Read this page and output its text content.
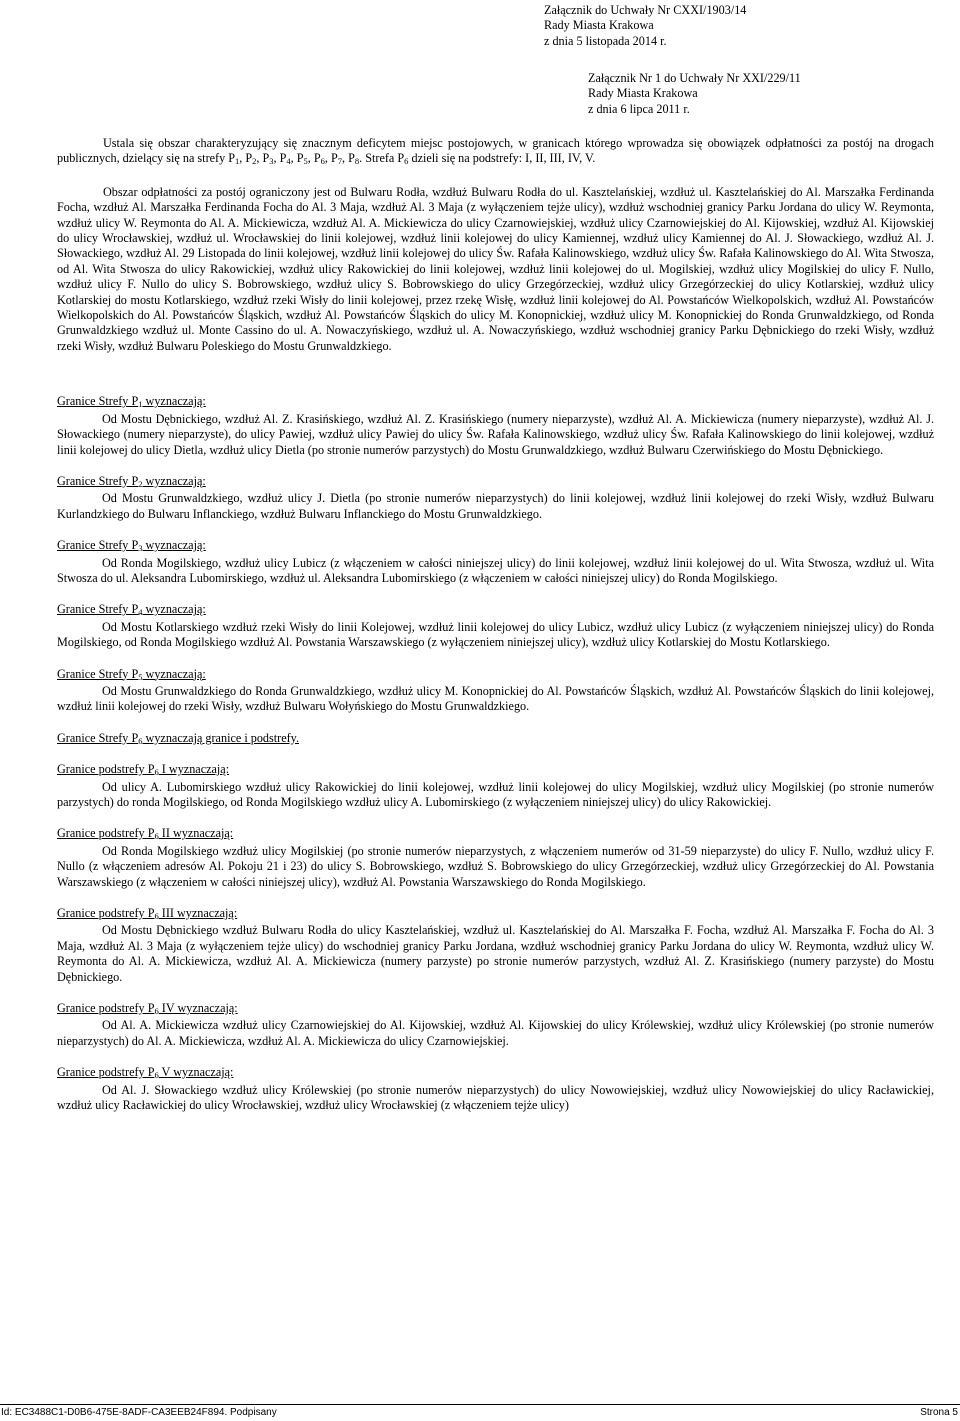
Załącznik do Uchwały Nr CXXI/1903/14
Rady Miasta Krakowa
z dnia 5 listopada 2014 r.
Załącznik Nr 1 do Uchwały Nr XXI/229/11
Rady Miasta Krakowa
z dnia 6 lipca 2011 r.

Ustala się obszar charakteryzujący się znacznym deficytem miejsc postojowych, w granicach którego wprowadza się obowiązek odpłatności za postój na drogach publicznych, dzielący się na strefy $P_1$, $P_2$, $P_3$, $P_4$, $P_5$, $P_6$, $P_7$, $P_8$. Strefa $P_6$ dzieli się na podstrefy: I, II, III, IV, V.

Obszar odpłatności za postój ograniczony jest od Bulwaru Rodła, wzdłuż Bulwaru Rodła do ul. Kasztelańskiej, wzdłuż ul. Kasztelańskiej do Al. Marszałka Ferdinanda Focha, wzdłuż Al. Marszałka Ferdinanda Focha do Al. 3 Maja, wzdłuż Al. 3 Maja (z wyłączeniem tejże ulicy), wzdłuż wschodniej granicy Parku Jordana do ulicy W. Reymonta, wzdłuż ulicy W. Reymonta do Al. A. Mickiewicza, wzdłuż Al. A. Mickiewicza do ulicy Czarnowiejskiej, wzdłuż ulicy Czarnowiejskiej do Al. Kijowskiej, wzdłuż Al. Kijowskiej do ulicy Wrocławskiej, wzdłuż ul. Wrocławskiej do linii kolejowej, wzdłuż linii kolejowej do ulicy Kamiennej, wzdłuż ulicy Kamiennej do Al. J. Słowackiego, wzdłuż Al. J. Słowackiego, wzdłuż Al. 29 Listopada do linii kolejowej, wzdłuż linii kolejowej do ulicy Św. Rafała Kalinowskiego, wzdłuż ulicy Św. Rafała Kalinowskiego do Al. Wita Stwosza, od Al. Wita Stwosza do ulicy Rakowickiej, wzdłuż ulicy Rakowickiej do linii kolejowej, wzdłuż linii kolejowej do ul. Mogilskiej, wzdłuż ulicy Mogilskiej do ulicy F. Nullo, wzdłuż ulicy F. Nullo do ulicy S. Bobrowskiego, wzdłuż ulicy S. Bobrowskiego do ulicy Grzegórzeckiej, wzdłuż ulicy Grzegórzeckiej do ulicy Kotlarskiej, wzdłuż ulicy Kotlarskiej do mostu Kotlarskiego, wzdłuż rzeki Wisły do linii kolejowej, przez rzekę Wisłę, wzdłuż linii kolejowej do Al. Powstańców Wielkopolskich, wzdłuż Al. Powstańców Wielkopolskich do Al. Powstańców Śląskich, wzdłuż Al. Powstańców Śląskich do ulicy M. Konopnickiej, wzdłuż ulicy M. Konopnickiej do Ronda Grunwaldzkiego, od Ronda Grunwaldzkiego wzdłuż ul. Monte Cassino do ul. A. Nowaczyńskiego, wzdłuż ul. A. Nowaczyńskiego, wzdłuż wschodniej granicy Parku Dębnickiego do rzeki Wisły, wzdłuż rzeki Wisły, wzdłuż Bulwaru Poleskiego do Mostu Grunwaldzkiego.

Granice Strefy $P_1$ wyznaczają:

Od Mostu Dębnickiego, wzdłuż Al. Z. Krasińskiego, wzdłuż Al. Z. Krasińskiego (numery nieparzyste), wzdłuż Al. A. Mickiewicza (numery nieparzyste), wzdłuż Al. J. Słowackiego (numery nieparzyste), do ulicy Pawiej, wzdłuż ulicy Pawiej do ulicy Św. Rafała Kalinowskiego, wzdłuż ulicy Św. Rafała Kalinowskiego do linii kolejowej, wzdłuż linii kolejowej do ulicy Dietla, wzdłuż ulicy Dietla (po stronie numerów parzystych) do Mostu Grunwaldzkiego, wzdłuż Bulwaru Czerwińskiego do Mostu Dębnickiego.

Granice Strefy $P_2$ wyznaczają:

Od Mostu Grunwaldzkiego, wzdłuż ulicy J. Dietla (po stronie numerów nieparzystych) do linii kolejowej, wzdłuż linii kolejowej do rzeki Wisły, wzdłuż Bulwaru Kurlandzkiego do Bulwaru Inflanckiego, wzdłuż Bulwaru Inflanckiego do Mostu Grunwaldzkiego.

Granice Strefy $P_3$ wyznaczają:

Od Ronda Mogilskiego, wzdłuż ulicy Lubicz (z włączeniem w całości niniejszej ulicy) do linii kolejowej, wzdłuż linii kolejowej do ul. Wita Stwosza, wzdłuż ul. Wita Stwosza do ul. Aleksandra Lubomirskiego, wzdłuż ul. Aleksandra Lubomirskiego (z włączeniem w całości niniejszej ulicy) do Ronda Mogilskiego.

Granice Strefy $P_4$ wyznaczają:

Od Mostu Kotlarskiego wzdłuż rzeki Wisły do linii Kolejowej, wzdłuż linii kolejowej do ulicy Lubicz, wzdłuż ulicy Lubicz (z wyłączeniem niniejszej ulicy) do Ronda Mogilskiego, od Ronda Mogilskiego wzdłuż Al. Powstania Warszawskiego (z wyłączeniem niniejszej ulicy), wzdłuż ulicy Kotlarskiej do Mostu Kotlarskiego.

Granice Strefy $P_5$ wyznaczają:

Od Mostu Grunwaldzkiego do Ronda Grunwaldzkiego, wzdłuż ulicy M. Konopnickiej do Al. Powstańców Śląskich, wzdłuż Al. Powstańców Śląskich do linii kolejowej, wzdłuż linii kolejowej do rzeki Wisły, wzdłuż Bulwaru Wołyńskiego do Mostu Grunwaldzkiego.

Granice Strefy $P_6$ wyznaczają granice i podstrefy.

Granice podstrefy $P_6$ I wyznaczają:

Od ulicy A. Lubomirskiego wzdłuż ulicy Rakowickiej do linii kolejowej, wzdłuż linii kolejowej do ulicy Mogilskiej, wzdłuż ulicy Mogilskiej (po stronie numerów parzystych) do ronda Mogilskiego, od Ronda Mogilskiego wzdłuż ulicy A. Lubomirskiego (z wyłączeniem niniejszej ulicy) do ulicy Rakowickiej.

Granice podstrefy $P_6$ II wyznaczają:

Od Ronda Mogilskiego wzdłuż ulicy Mogilskiej (po stronie numerów nieparzystych, z włączeniem numerów od 31-59 nieparzyste) do ulicy F. Nullo, wzdłuż ulicy F. Nullo (z włączeniem adresów Al. Pokoju 21 i 23) do ulicy S. Bobrowskiego, wzdłuż S. Bobrowskiego do ulicy Grzegórzeckiej, wzdłuż ulicy Grzegórzeckiej do Al. Powstania Warszawskiego (z włączeniem w całości niniejszej ulicy), wzdłuż Al. Powstania Warszawskiego do Ronda Mogilskiego.

Granice podstrefy $P_6$ III wyznaczają:

Od Mostu Dębnickiego wzdłuż Bulwaru Rodła do ulicy Kasztelańskiej, wzdłuż ul. Kasztelańskiej do Al. Marszałka F. Focha, wzdłuż Al. Marszałka F. Focha do Al. 3 Maja, wzdłuż Al. 3 Maja (z wyłączeniem tejże ulicy) do wschodniej granicy Parku Jordana, wzdłuż wschodniej granicy Parku Jordana do ulicy W. Reymonta, wzdłuż ulicy W. Reymonta do Al. A. Mickiewicza, wzdłuż Al. A. Mickiewicza (numery parzyste) po stronie numerów parzystych, wzdłuż Al. Z. Krasińskiego (numery parzyste) do Mostu Dębnickiego.

Granice podstrefy $P_6$ IV wyznaczają:

Od Al. A. Mickiewicza wzdłuż ulicy Czarnowiejskiej do Al. Kijowskiej, wzdłuż Al. Kijowskiej do ulicy Królewskiej, wzdłuż ulicy Królewskiej (po stronie numerów nieparzystych) do Al. A. Mickiewicza, wzdłuż Al. A. Mickiewicza do ulicy Czarnowiejskiej.

Granice podstrefy $P_6$ V wyznaczają:

Od Al. J. Słowackiego wzdłuż ulicy Królewskiej (po stronie numerów nieparzystych) do ulicy Nowowiejskiej, wzdłuż ulicy Nowowiejskiej do ulicy Racławickiej, wzdłuż ulicy Racławickiej do ulicy Wrocławskiej, wzdłuż ulicy Wrocławskiej (z włączeniem tejże ulicy)

Id: EC3488C1-D0B6-475E-8ADF-CA3EEB24F894. Podpisany	Strona 5
